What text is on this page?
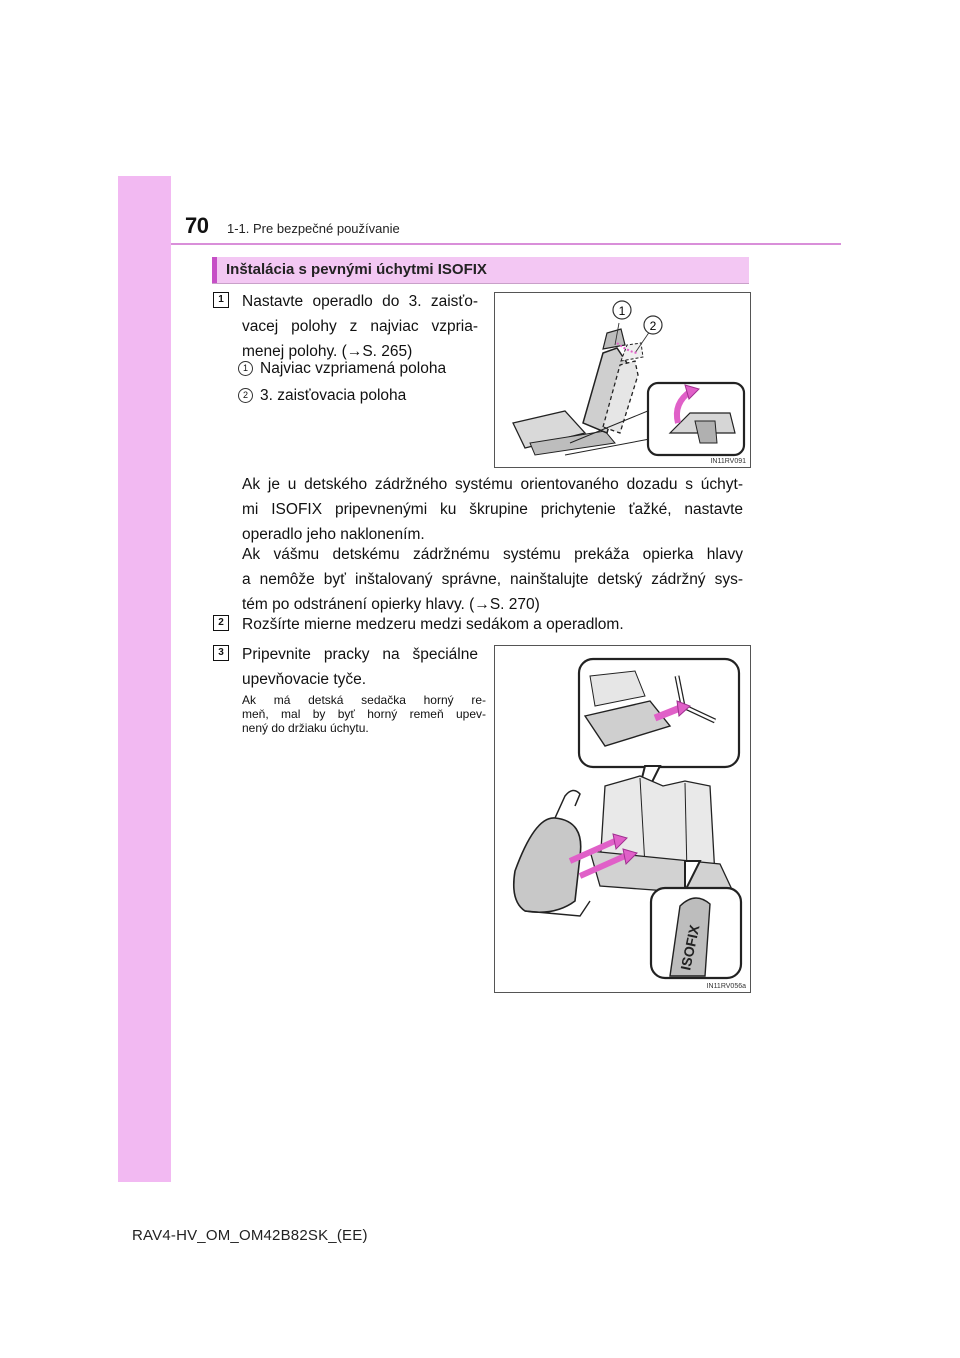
70 1-1. Pre bezpečné používanie
Inštalácia s pevnými úchytmi ISOFIX
1	Nastavte operadlo do 3. zaisťo-
vacej polohy z najviac vzpria-
menej polohy. (→S. 265)
1 Najviac vzpriamená poloha
2 3. zaisťovacia poloha
Ak je u detského zádržného systému orientovaného dozadu s úchyt-
mi ISOFIX pripevnenými ku škrupine prichytenie ťažké, nastavte
operadlo jeho naklonením.
Ak vášmu detskému zádržnému systému prekáža opierka hlavy
a nemôže byť inštalovaný správne, nainštalujte detský zádržný sys-
tém po odstránení opierky hlavy. (→S. 270)
1
2
IN11RV091
2	Rozšírte mierne medzeru medzi sedákom a operadlom.
3	Pripevnite pracky na špeciálne
upevňovacie tyče.
Ak má detská sedačka horný re-
meň, mal by byť horný remeň upev-
nený do držiaku úchytu.
ISOFIX
IN11RV056a
RAV4-HV_OM_OM42B82SK_(EE)
